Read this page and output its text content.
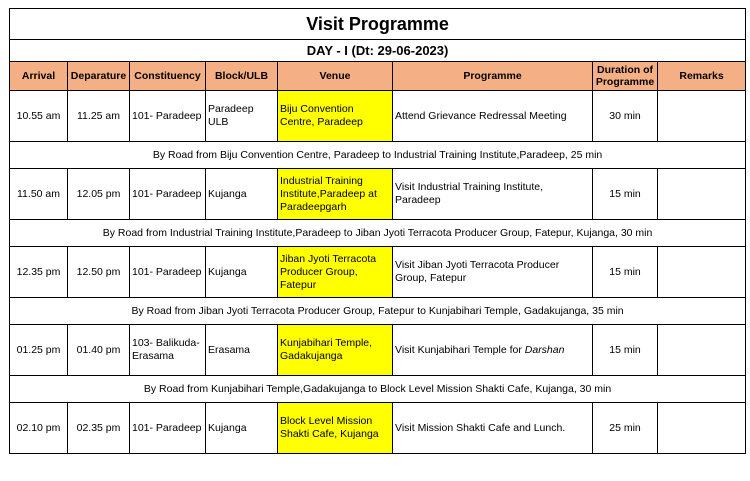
Visit Programme							
DAY - I (Dt: 29-06-2023)							
Arrival	Deparature	Constituency	Block/ULB	Venue	Programme	Duration of Programme	Remarks
10.55 am	11.25 am	101- Paradeep	Paradeep ULB	Biju Convention Centre, Paradeep	Attend Grievance Redressal Meeting	30 min	
By Road from Biju Convention Centre, Paradeep to Industrial Training Institute,Paradeep, 25 min							
11.50 am	12.05 pm	101- Paradeep	Kujanga	Industrial Training Institute,Paradeep at Paradeepgarh	Visit Industrial Training Institute, Paradeep	15 min	
By Road from Industrial Training Institute,Paradeep to Jiban Jyoti Terracota Producer Group, Fatepur, Kujanga, 30 min							
12.35 pm	12.50 pm	101- Paradeep	Kujanga	Jiban Jyoti Terracota Producer Group, Fatepur	Visit Jiban Jyoti Terracota Producer Group, Fatepur	15 min	
By Road from Jiban Jyoti Terracota Producer Group, Fatepur to Kunjabihari Temple, Gadakujanga, 35 min							
01.25 pm	01.40 pm	103- Balikuda-Erasama	Erasama	Kunjabihari Temple, Gadakujanga	Visit Kunjabihari Temple for Darshan	15 min	
By Road from Kunjabihari Temple,Gadakujanga to Block Level Mission Shakti Cafe, Kujanga, 30 min							
02.10 pm	02.35 pm	101- Paradeep	Kujanga	Block Level Mission Shakti Cafe, Kujanga	Visit Mission Shakti Cafe and Lunch.	25 min	
